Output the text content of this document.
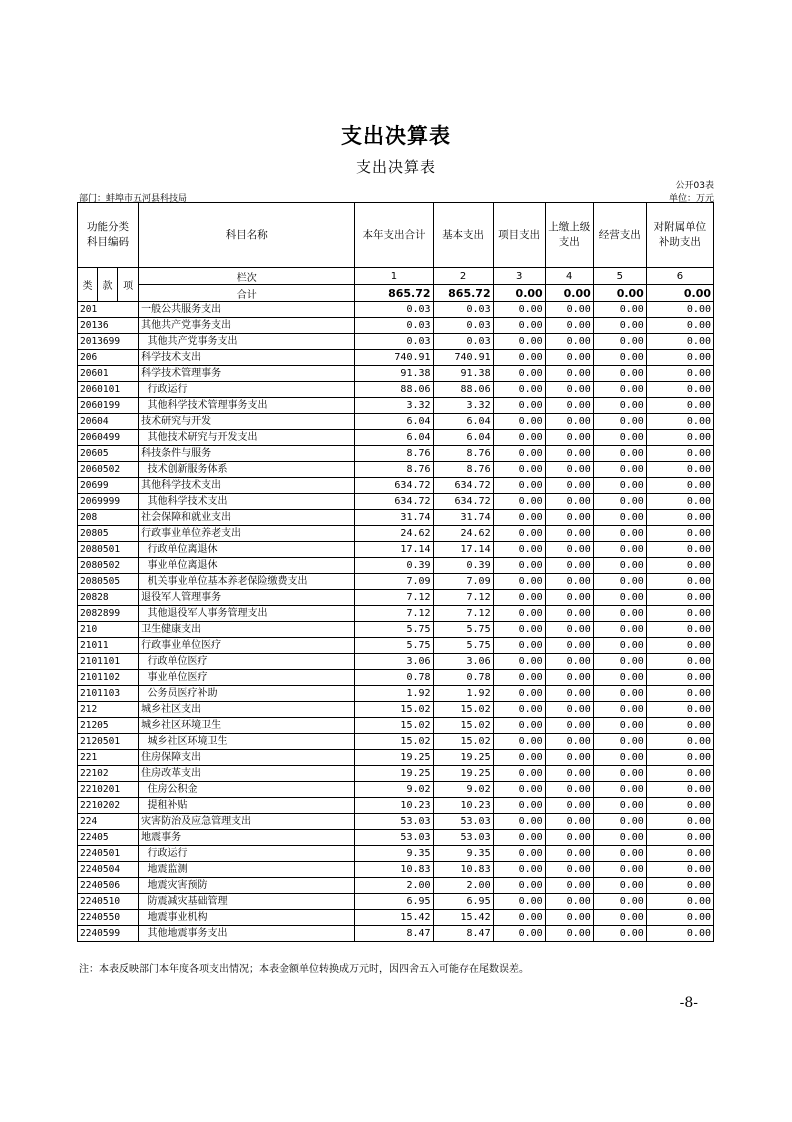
支出决算表
支出决算表
公开03表
部门：蚌埠市五河县科技局	单位：万元
功能分类
科目编码			科目名称	本年支出合计	基本支出	项目支出	上缴上级支出	经营支出	对附属单位补助支出
类	款	项	栏次	1	2	3	4	5	6
			合计	865.72	865.72	0.00	0.00	0.00	0.00
201			一般公共服务支出	0.03	0.03	0.00	0.00	0.00	0.00
20136			其他共产党事务支出	0.03	0.03	0.00	0.00	0.00	0.00
2013699			其他共产党事务支出	0.03	0.03	0.00	0.00	0.00	0.00
206			科学技术支出	740.91	740.91	0.00	0.00	0.00	0.00
20601			科学技术管理事务	91.38	91.38	0.00	0.00	0.00	0.00
2060101			行政运行	88.06	88.06	0.00	0.00	0.00	0.00
2060199			其他科学技术管理事务支出	3.32	3.32	0.00	0.00	0.00	0.00
20604			技术研究与开发	6.04	6.04	0.00	0.00	0.00	0.00
2060499			其他技术研究与开发支出	6.04	6.04	0.00	0.00	0.00	0.00
20605			科技条件与服务	8.76	8.76	0.00	0.00	0.00	0.00
2060502			技术创新服务体系	8.76	8.76	0.00	0.00	0.00	0.00
20699			其他科学技术支出	634.72	634.72	0.00	0.00	0.00	0.00
2069999			其他科学技术支出	634.72	634.72	0.00	0.00	0.00	0.00
208			社会保障和就业支出	31.74	31.74	0.00	0.00	0.00	0.00
20805			行政事业单位养老支出	24.62	24.62	0.00	0.00	0.00	0.00
2080501			行政单位离退休	17.14	17.14	0.00	0.00	0.00	0.00
2080502			事业单位离退休	0.39	0.39	0.00	0.00	0.00	0.00
2080505			机关事业单位基本养老保险缴费支出	7.09	7.09	0.00	0.00	0.00	0.00
20828			退役军人管理事务	7.12	7.12	0.00	0.00	0.00	0.00
2082899			其他退役军人事务管理支出	7.12	7.12	0.00	0.00	0.00	0.00
210			卫生健康支出	5.75	5.75	0.00	0.00	0.00	0.00
21011			行政事业单位医疗	5.75	5.75	0.00	0.00	0.00	0.00
2101101			行政单位医疗	3.06	3.06	0.00	0.00	0.00	0.00
2101102			事业单位医疗	0.78	0.78	0.00	0.00	0.00	0.00
2101103			公务员医疗补助	1.92	1.92	0.00	0.00	0.00	0.00
212			城乡社区支出	15.02	15.02	0.00	0.00	0.00	0.00
21205			城乡社区环境卫生	15.02	15.02	0.00	0.00	0.00	0.00
2120501			城乡社区环境卫生	15.02	15.02	0.00	0.00	0.00	0.00
221			住房保障支出	19.25	19.25	0.00	0.00	0.00	0.00
22102			住房改革支出	19.25	19.25	0.00	0.00	0.00	0.00
2210201			住房公积金	9.02	9.02	0.00	0.00	0.00	0.00
2210202			提租补贴	10.23	10.23	0.00	0.00	0.00	0.00
224			灾害防治及应急管理支出	53.03	53.03	0.00	0.00	0.00	0.00
22405			地震事务	53.03	53.03	0.00	0.00	0.00	0.00
2240501			行政运行	9.35	9.35	0.00	0.00	0.00	0.00
2240504			地震监测	10.83	10.83	0.00	0.00	0.00	0.00
2240506			地震灾害预防	2.00	2.00	0.00	0.00	0.00	0.00
2240510			防震减灾基础管理	6.95	6.95	0.00	0.00	0.00	0.00
2240550			地震事业机构	15.42	15.42	0.00	0.00	0.00	0.00
2240599			其他地震事务支出	8.47	8.47	0.00	0.00	0.00	0.00
注：本表反映部门本年度各项支出情况；本表金额单位转换成万元时，因四舍五入可能存在尾数误差。
-8-
